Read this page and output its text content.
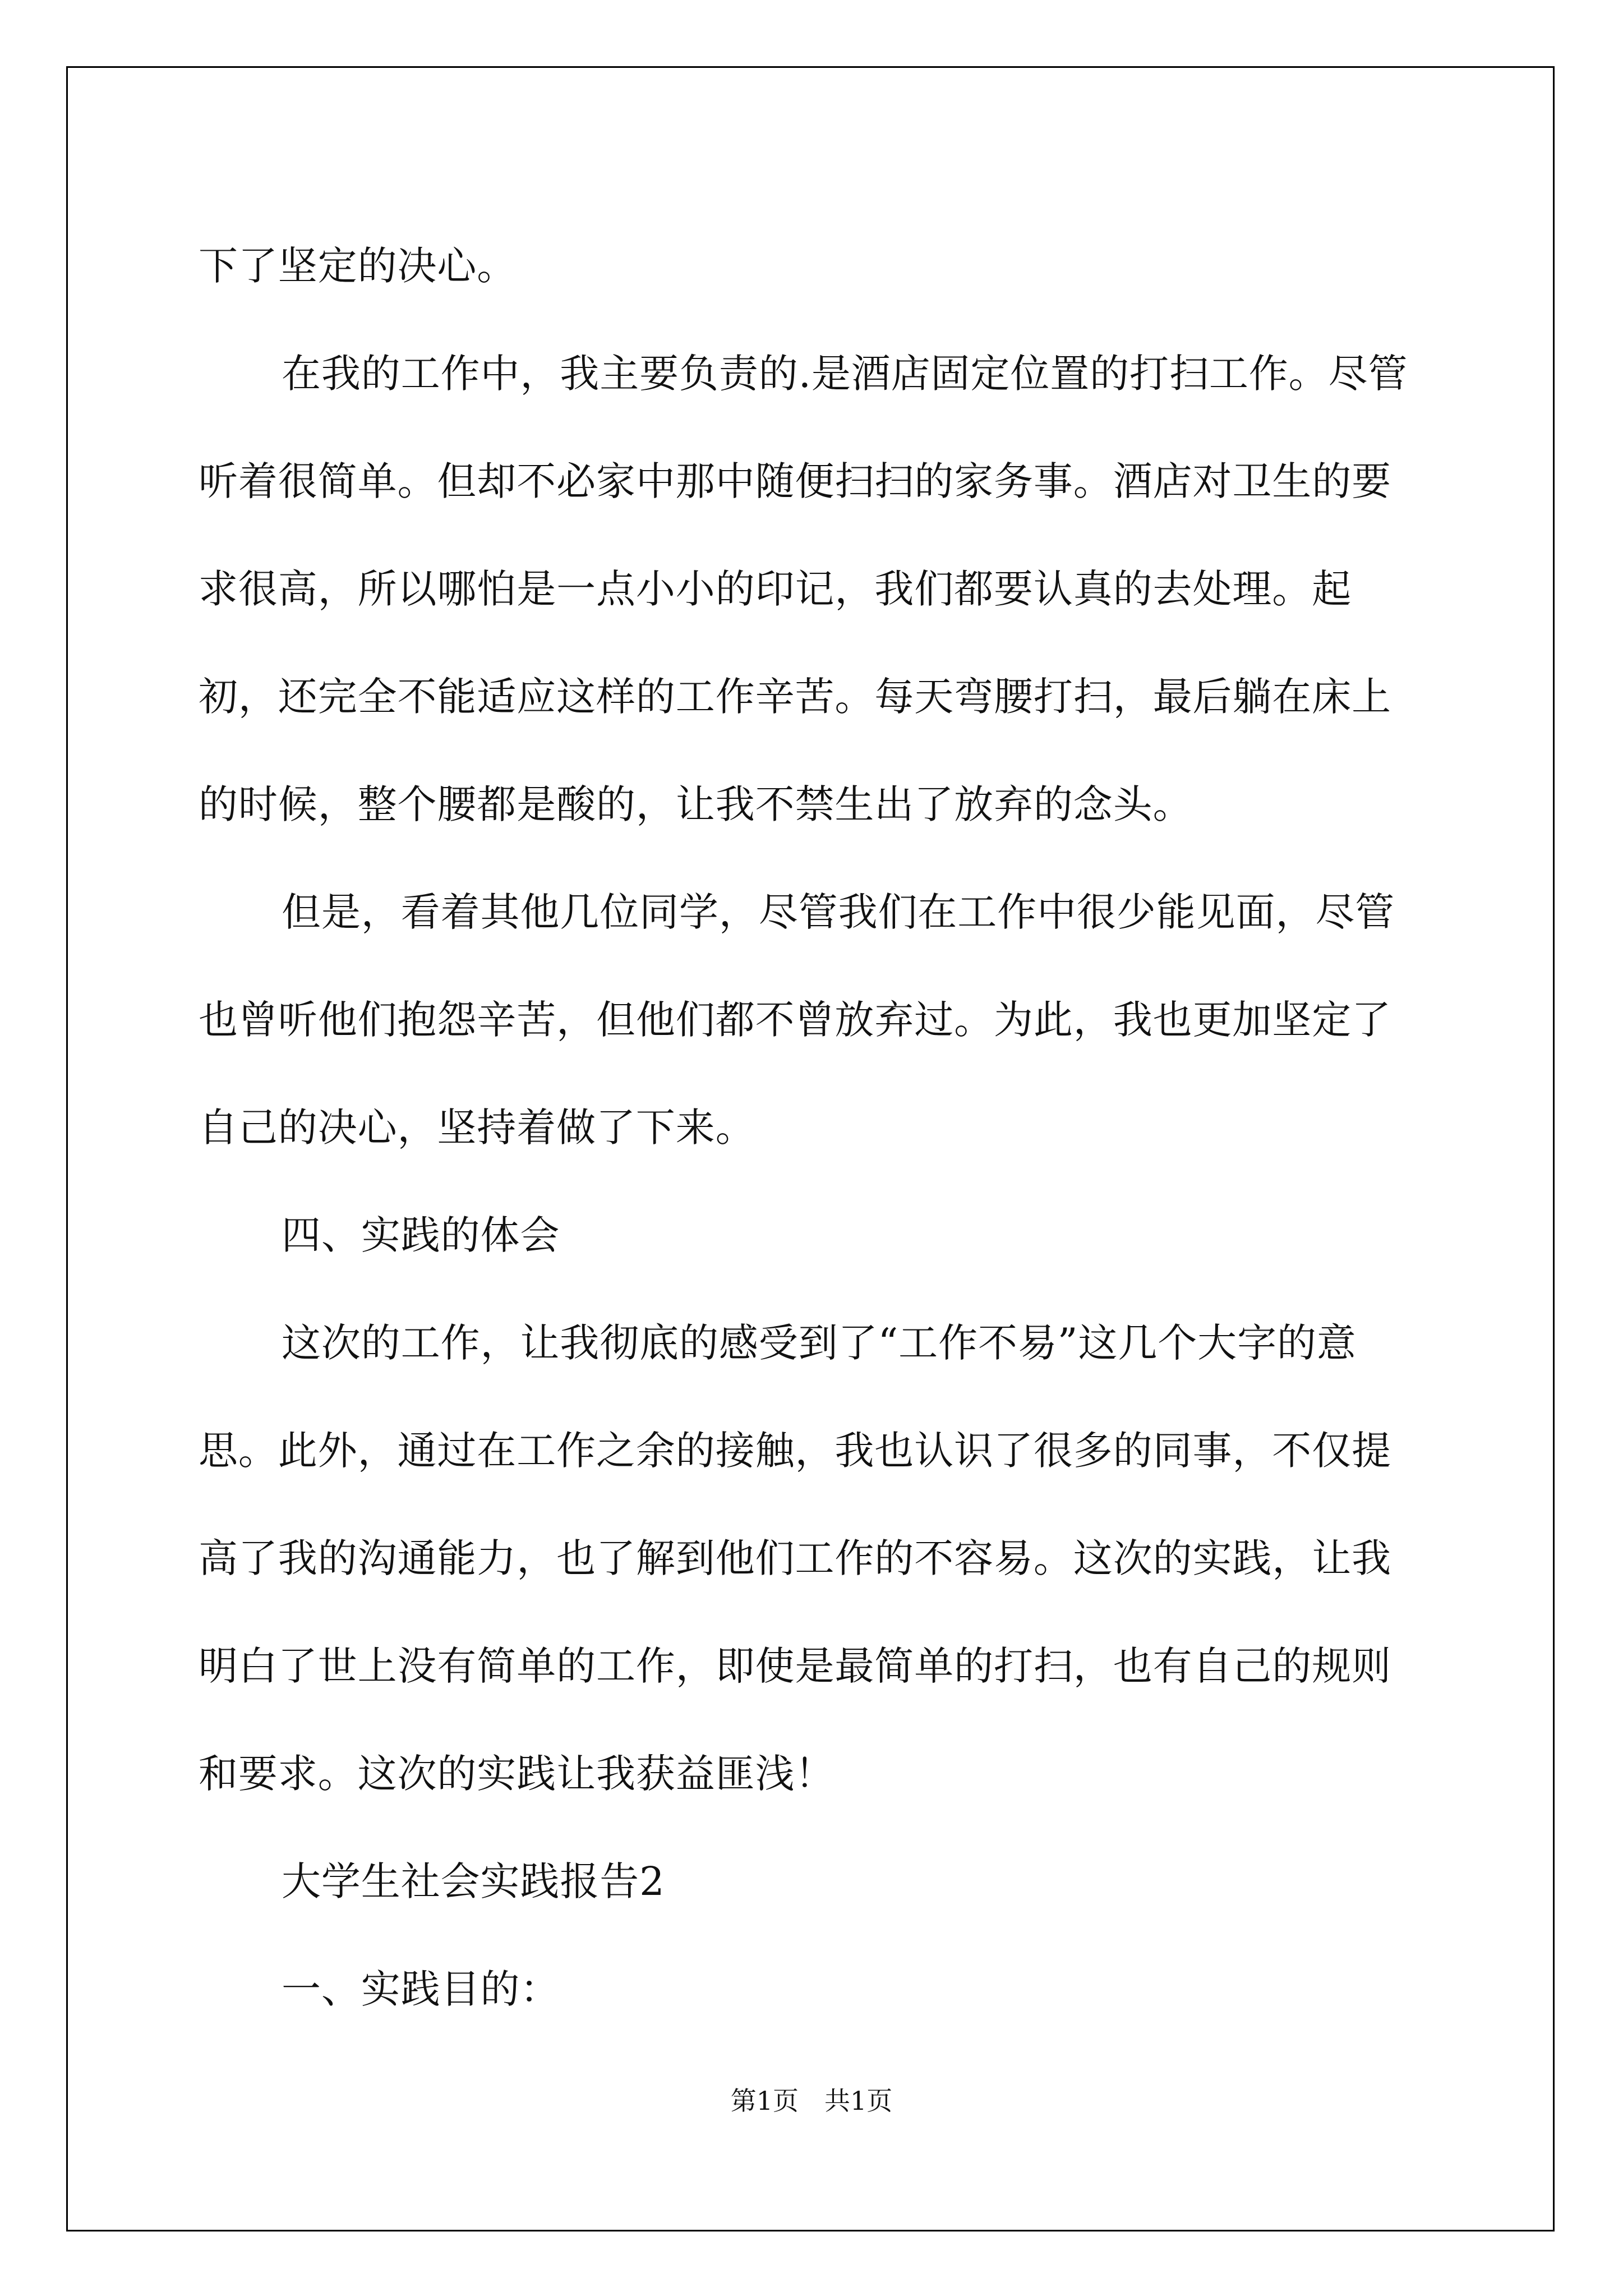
下了坚定的决心。

在我的工作中，我主要负责的.是酒店固定位置的打扫工作。尽管听着很简单。但却不必家中那中随便扫扫的家务事。酒店对卫生的要求很高，所以哪怕是一点小小的印记，我们都要认真的去处理。起初，还完全不能适应这样的工作辛苦。每天弯腰打扫，最后躺在床上的时候，整个腰都是酸的，让我不禁生出了放弃的念头。

但是，看着其他几位同学，尽管我们在工作中很少能见面，尽管也曾听他们抱怨辛苦，但他们都不曾放弃过。为此，我也更加坚定了自己的决心，坚持着做了下来。

四、实践的体会

这次的工作，让我彻底的感受到了“工作不易”这几个大字的意思。此外，通过在工作之余的接触，我也认识了很多的同事，不仅提高了我的沟通能力，也了解到他们工作的不容易。这次的实践，让我明白了世上没有简单的工作，即使是最简单的打扫，也有自己的规则和要求。这次的实践让我获益匪浅！

大学生社会实践报告2

一、实践目的：

第1页　共1页
